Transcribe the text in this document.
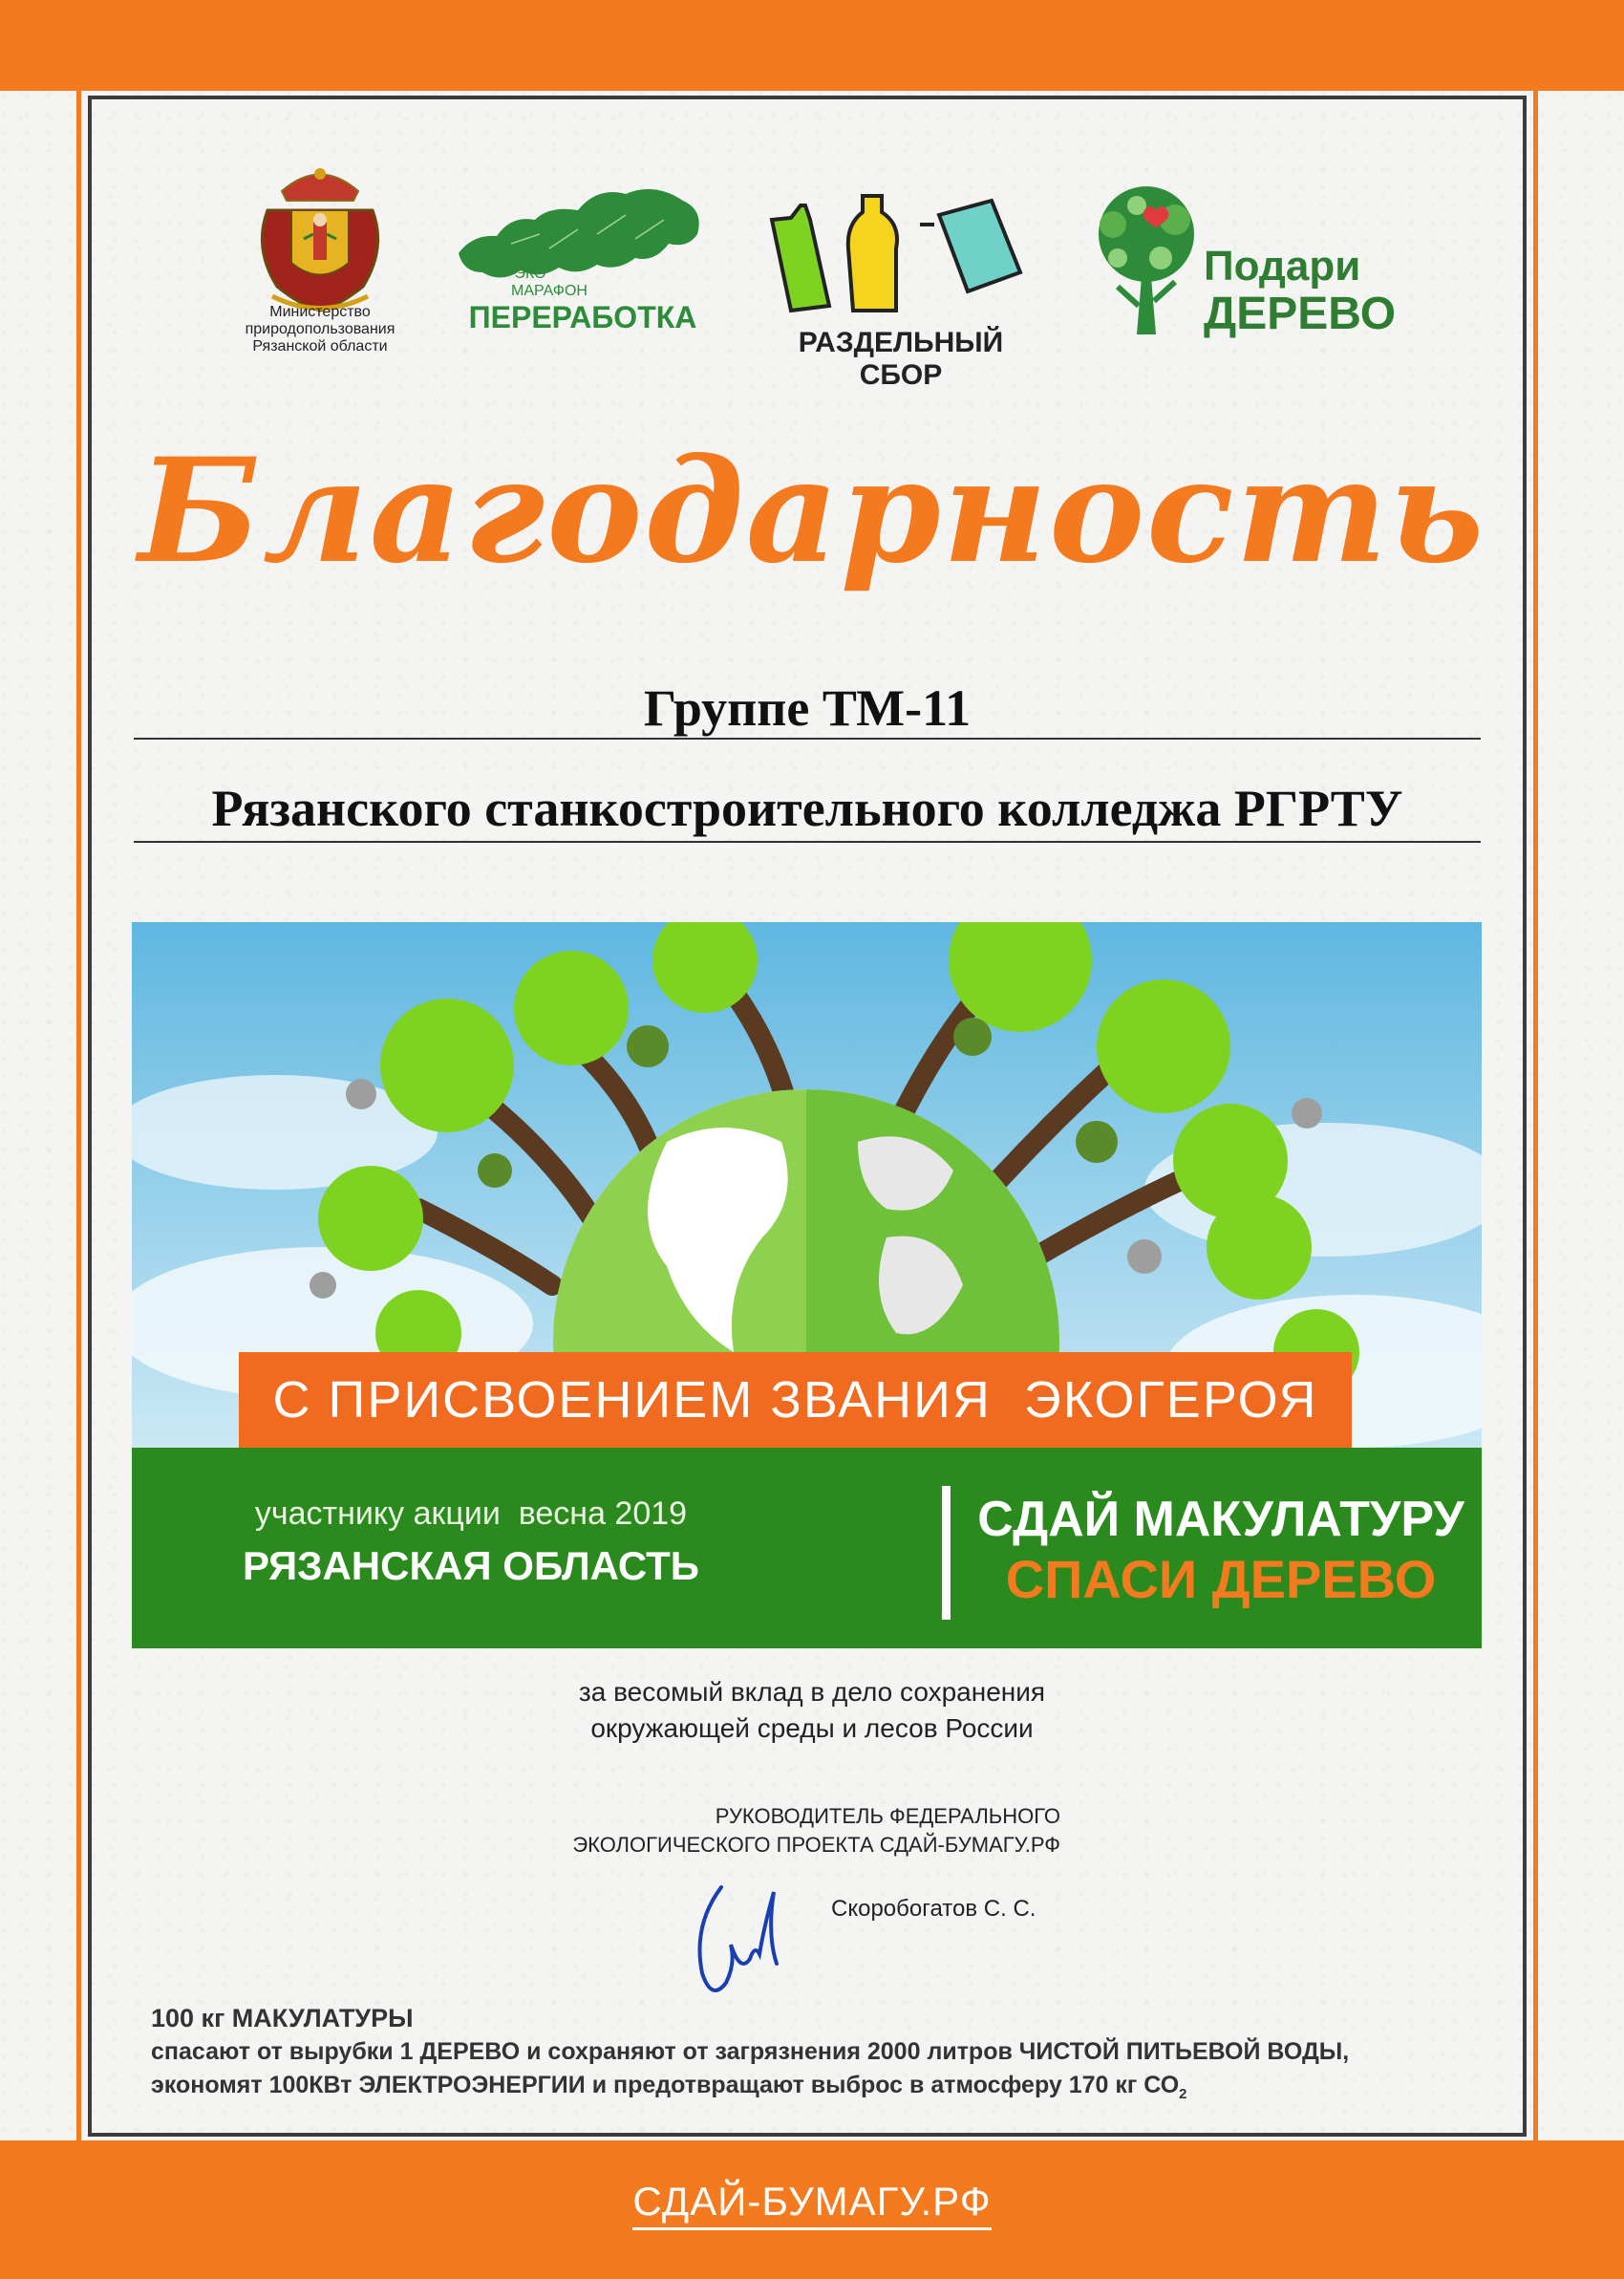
Министерство
природопользования
Рязанской области
ЭКО
МАРАФОН
ПЕРЕРАБОТКА
РАЗДЕЛЬНЫЙ СБОР
Подари
ДЕРЕВО
Благодарность
Группе ТМ-11
Рязанского станкостроительного колледжа РГРТУ
С ПРИСВОЕНИЕМ ЗВАНИЯ  ЭКОГЕРОЯ
участнику акции  весна 2019
РЯЗАНСКАЯ ОБЛАСТЬ
СДАЙ МАКУЛАТУРУ
СПАСИ ДЕРЕВО
за весомый вклад в дело сохранения
окружающей среды и лесов России
РУКОВОДИТЕЛЬ ФЕДЕРАЛЬНОГО
ЭКОЛОГИЧЕСКОГО ПРОЕКТА СДАЙ-БУМАГУ.РФ
Скоробогатов С. С.
100 кг МАКУЛАТУРЫ
спасают от вырубки 1 ДЕРЕВО и сохраняют от загрязнения 2000 литров ЧИСТОЙ ПИТЬЕВОЙ ВОДЫ,
экономят 100КВт ЭЛЕКТРОЭНЕРГИИ и предотвращают выброс в атмосферу 170 кг $СО_2$
СДАЙ-БУМАГУ.РФ
